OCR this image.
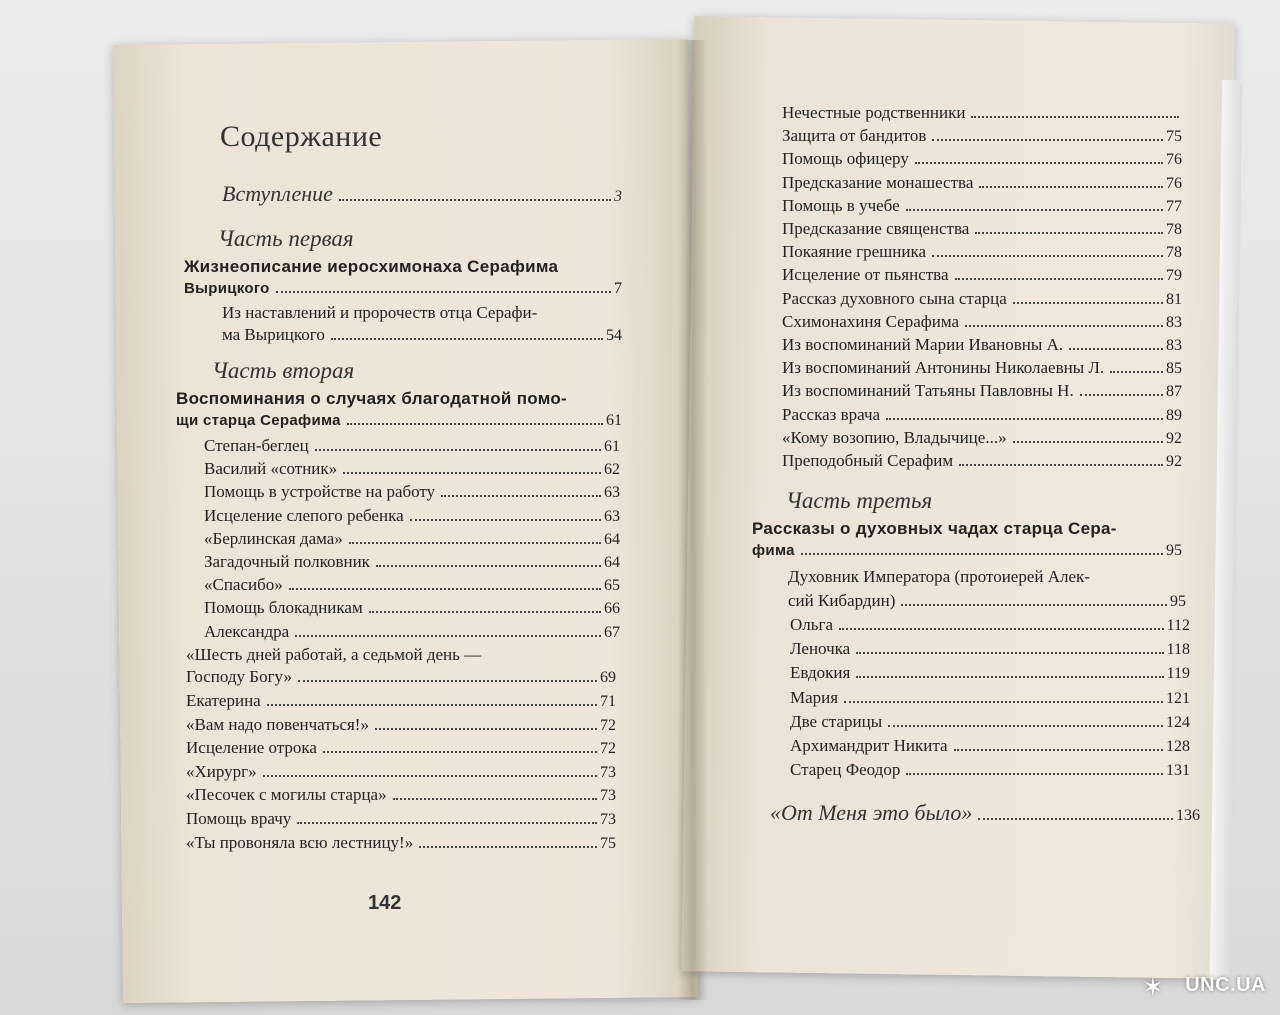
Содержание
Вступление	3
Часть первая
Жизнеописание иеросхимонаха Серафима
Вырицкого	7
Из наставлений и пророчеств отца Серафи-
ма Вырицкого	54
Часть вторая
Воспоминания о случаях благодатной помо-
щи старца Серафима	61
Степан-беглец	61
Василий «сотник»	62
Помощь в устройстве на работу	63
Исцеление слепого ребенка	63
«Берлинская дама»	64
Загадочный полковник	64
«Спасибо»	65
Помощь блокадникам	66
Александра	67
«Шесть дней работай, а седьмой день —
Господу Богу»	69
Екатерина	71
«Вам надо повенчаться!»	72
Исцеление отрока	72
«Хирург»	73
«Песочек с могилы старца»	73
Помощь врачу	73
«Ты провоняла всю лестницу!»	75
142
Нечестные родственники
Защита от бандитов	75
Помощь офицеру	76
Предсказание монашества	76
Помощь в учебе	77
Предсказание священства	78
Покаяние грешника	78
Исцеление от пьянства	79
Рассказ духовного сына старца	81
Схимонахиня Серафима	83
Из воспоминаний Марии Ивановны А.	83
Из воспоминаний Антонины Николаевны Л.	85
Из воспоминаний Татьяны Павловны Н.	87
Рассказ врача	89
«Кому возопию, Владычице...»	92
Преподобный Серафим	92
Часть третья
Рассказы о духовных чадах старца Сера-
фима	95
Духовник Императора (протоиерей Алек-
сий Кибардин)	95
Ольга	112
Леночка	118
Евдокия	119
Мария	121
Две старицы	124
Архимандрит Никита	128
Старец Феодор	131
«От Меня это было»	136
✶	UNC.UA
